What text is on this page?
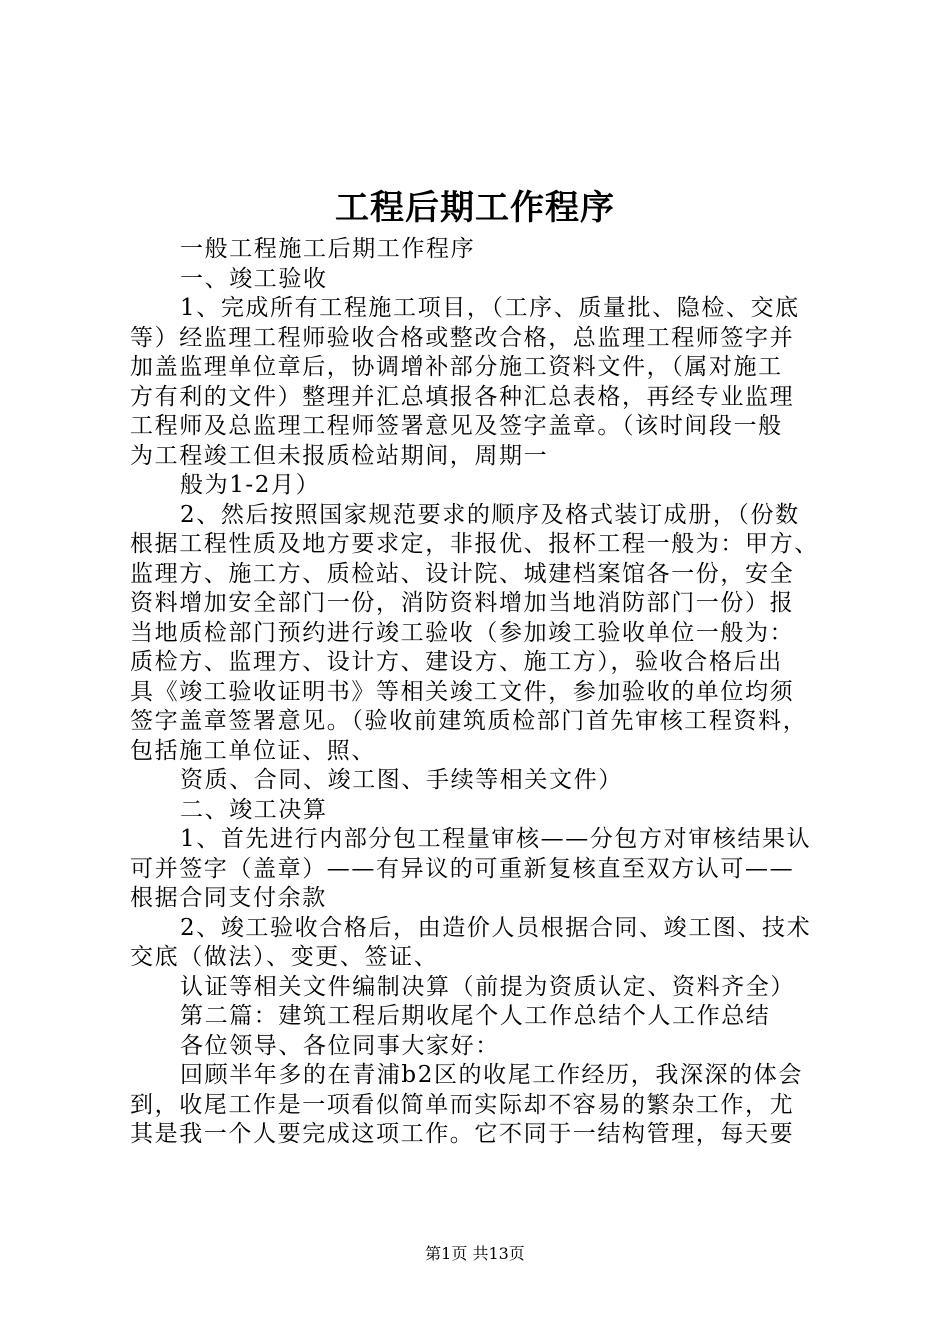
工程后期工作程序
一般工程施工后期工作程序
一、竣工验收
1、完成所有工程施工项目，（工序、质量批、隐检、交底
等）经监理工程师验收合格或整改合格，总监理工程师签字并
加盖监理单位章后，协调增补部分施工资料文件，（属对施工
方有利的文件）整理并汇总填报各种汇总表格，再经专业监理
工程师及总监理工程师签署意见及签字盖章。（该时间段一般
为工程竣工但未报质检站期间，周期一
般为1-2月）
2、然后按照国家规范要求的顺序及格式装订成册，（份数
根据工程性质及地方要求定，非报优、报杯工程一般为：甲方、
监理方、施工方、质检站、设计院、城建档案馆各一份，安全
资料增加安全部门一份，消防资料增加当地消防部门一份）报
当地质检部门预约进行竣工验收（参加竣工验收单位一般为：
质检方、监理方、设计方、建设方、施工方），验收合格后出
具《竣工验收证明书》等相关竣工文件，参加验收的单位均须
签字盖章签署意见。（验收前建筑质检部门首先审核工程资料，
包括施工单位证、照、
资质、合同、竣工图、手续等相关文件）
二、竣工决算
1、首先进行内部分包工程量审核——分包方对审核结果认
可并签字（盖章）——有异议的可重新复核直至双方认可——
根据合同支付余款
2、竣工验收合格后，由造价人员根据合同、竣工图、技术
交底（做法）、变更、签证、
认证等相关文件编制决算（前提为资质认定、资料齐全）
第二篇：建筑工程后期收尾个人工作总结个人工作总结
各位领导、各位同事大家好：
回顾半年多的在青浦b2区的收尾工作经历，我深深的体会
到，收尾工作是一项看似简单而实际却不容易的繁杂工作，尤
其是我一个人要完成这项工作。它不同于一结构管理，每天要
第1页 共13页
